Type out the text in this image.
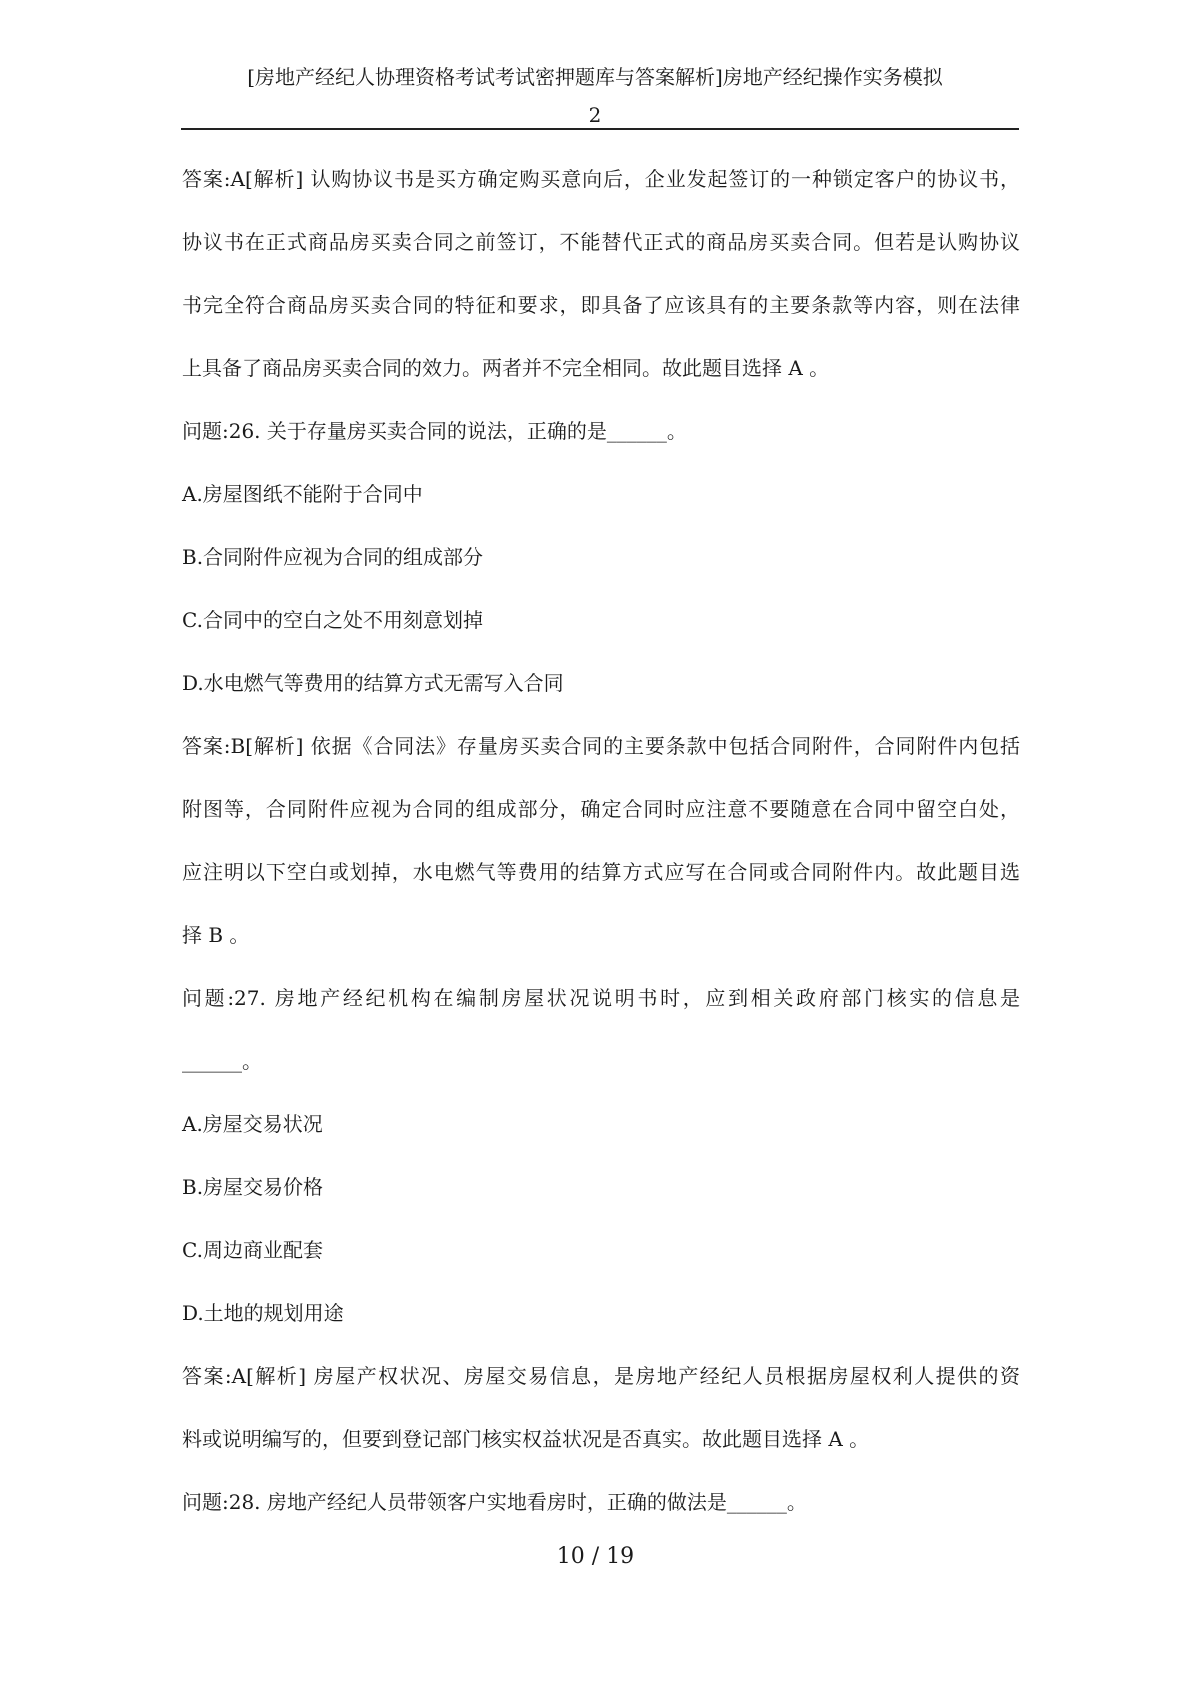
[房地产经纪人协理资格考试考试密押题库与答案解析]房地产经纪操作实务模拟
2
答案:A[解析] 认购协议书是买方确定购买意向后，企业发起签订的一种锁定客户的协议书，
协议书在正式商品房买卖合同之前签订，不能替代正式的商品房买卖合同。但若是认购协议
书完全符合商品房买卖合同的特征和要求，即具备了应该具有的主要条款等内容，则在法律
上具备了商品房买卖合同的效力。两者并不完全相同。故此题目选择 A 。
问题:26. 关于存量房买卖合同的说法，正确的是______。
A.房屋图纸不能附于合同中
B.合同附件应视为合同的组成部分
C.合同中的空白之处不用刻意划掉
D.水电燃气等费用的结算方式无需写入合同
答案:B[解析] 依据《合同法》存量房买卖合同的主要条款中包括合同附件，合同附件内包括
附图等，合同附件应视为合同的组成部分，确定合同时应注意不要随意在合同中留空白处，
应注明以下空白或划掉，水电燃气等费用的结算方式应写在合同或合同附件内。故此题目选
择 B 。
问题:27. 房地产经纪机构在编制房屋状况说明书时，应到相关政府部门核实的信息是
______。
A.房屋交易状况
B.房屋交易价格
C.周边商业配套
D.土地的规划用途
答案:A[解析] 房屋产权状况、房屋交易信息，是房地产经纪人员根据房屋权利人提供的资
料或说明编写的，但要到登记部门核实权益状况是否真实。故此题目选择 A 。
问题:28. 房地产经纪人员带领客户实地看房时，正确的做法是______。
10 / 19
